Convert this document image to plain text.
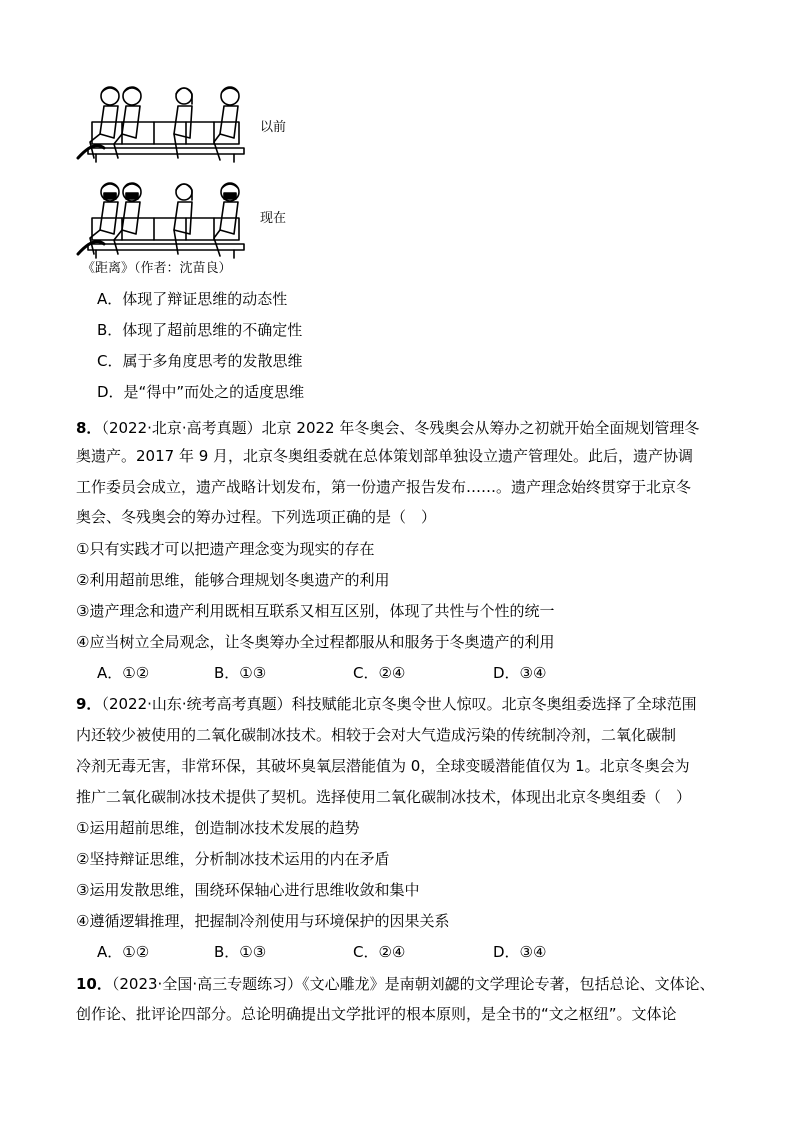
以前
现在
《距离》（作者：沈苗良）
A．体现了辩证思维的动态性
B．体现了超前思维的不确定性
C．属于多角度思考的发散思维
D．是“得中”而处之的适度思维
8．（2022·北京·高考真题）北京 2022 年冬奥会、冬残奥会从筹办之初就开始全面规划管理冬
奥遗产。2017 年 9 月，北京冬奥组委就在总体策划部单独设立遗产管理处。此后，遗产协调
工作委员会成立，遗产战略计划发布，第一份遗产报告发布……。遗产理念始终贯穿于北京冬
奥会、冬残奥会的筹办过程。下列选项正确的是（　）
①只有实践才可以把遗产理念变为现实的存在
②利用超前思维，能够合理规划冬奥遗产的利用
③遗产理念和遗产利用既相互联系又相互区别，体现了共性与个性的统一
④应当树立全局观念，让冬奥筹办全过程都服从和服务于冬奥遗产的利用
A．①②	B．①③	C．②④	D．③④
9．（2022·山东·统考高考真题）科技赋能北京冬奥令世人惊叹。北京冬奥组委选择了全球范围
内还较少被使用的二氧化碳制冰技术。相较于会对大气造成污染的传统制冷剂，二氧化碳制
冷剂无毒无害，非常环保，其破坏臭氧层潜能值为 0，全球变暖潜能值仅为 1。北京冬奥会为
推广二氧化碳制冰技术提供了契机。选择使用二氧化碳制冰技术，体现出北京冬奥组委（　）
①运用超前思维，创造制冰技术发展的趋势
②坚持辩证思维，分析制冰技术运用的内在矛盾
③运用发散思维，围绕环保轴心进行思维收敛和集中
④遵循逻辑推理，把握制冷剂使用与环境保护的因果关系
A．①②	B．①③	C．②④	D．③④
10．（2023·全国·高三专题练习）《文心雕龙》是南朝刘勰的文学理论专著，包括总论、文体论、
创作论、批评论四部分。总论明确提出文学批评的根本原则，是全书的“文之枢纽”。文体论
